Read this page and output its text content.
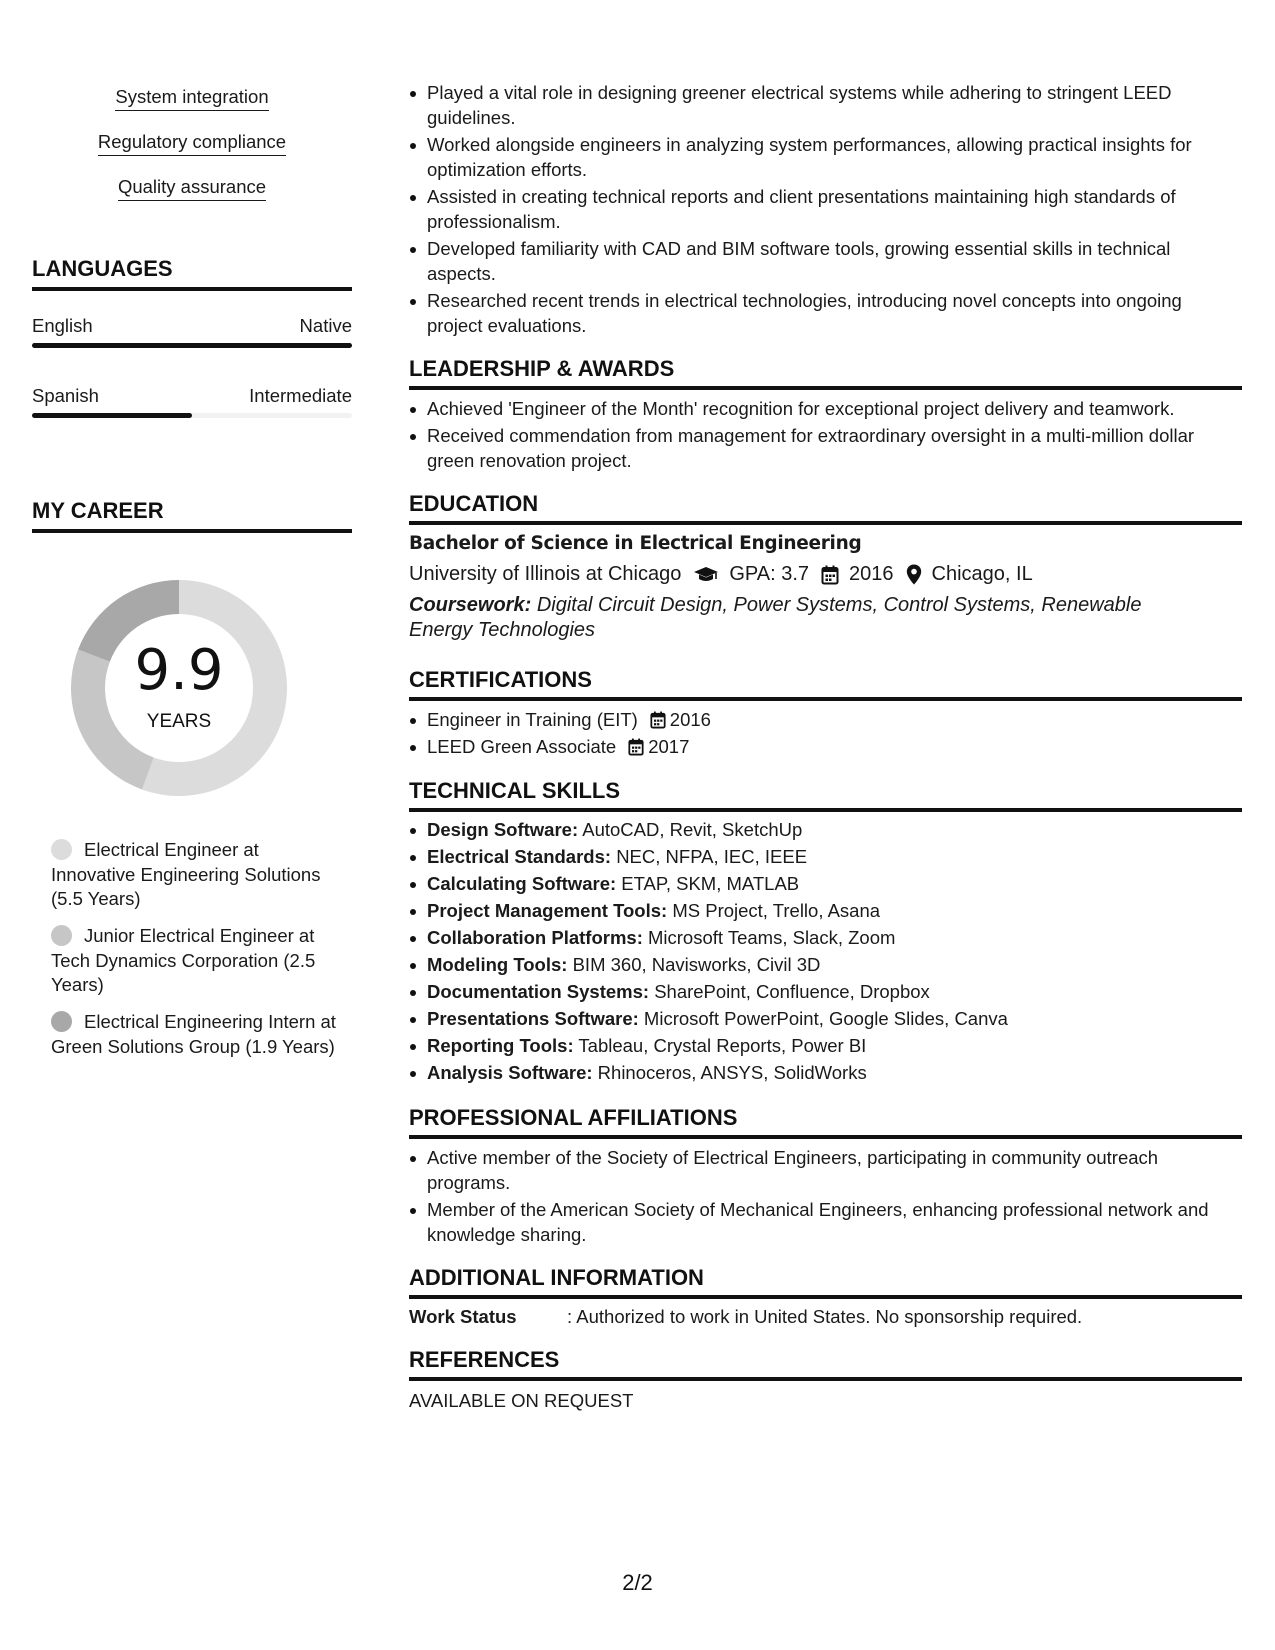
System integration
Regulatory compliance
Quality assurance
LANGUAGES
English	Native
Spanish	Intermediate
MY CAREER
9.9
YEARS
Electrical Engineer at Innovative Engineering Solutions (5.5 Years)
Junior Electrical Engineer at Tech Dynamics Corporation (2.5 Years)
Electrical Engineering Intern at Green Solutions Group (1.9 Years)
Played a vital role in designing greener electrical systems while adhering to stringent LEED guidelines.
Worked alongside engineers in analyzing system performances, allowing practical insights for optimization efforts.
Assisted in creating technical reports and client presentations maintaining high standards of professionalism.
Developed familiarity with CAD and BIM software tools, growing essential skills in technical aspects.
Researched recent trends in electrical technologies, introducing novel concepts into ongoing project evaluations.
LEADERSHIP & AWARDS
Achieved 'Engineer of the Month' recognition for exceptional project delivery and teamwork.
Received commendation from management for extraordinary oversight in a multi-million dollar green renovation project.
EDUCATION
Bachelor of Science in Electrical Engineering
University of Illinois at Chicago GPA: 3.7 2016 Chicago, IL
Coursework: Digital Circuit Design, Power Systems, Control Systems, Renewable Energy Technologies
CERTIFICATIONS
Engineer in Training (EIT) 2016
LEED Green Associate 2017
TECHNICAL SKILLS
Design Software: AutoCAD, Revit, SketchUp
Electrical Standards: NEC, NFPA, IEC, IEEE
Calculating Software: ETAP, SKM, MATLAB
Project Management Tools: MS Project, Trello, Asana
Collaboration Platforms: Microsoft Teams, Slack, Zoom
Modeling Tools: BIM 360, Navisworks, Civil 3D
Documentation Systems: SharePoint, Confluence, Dropbox
Presentations Software: Microsoft PowerPoint, Google Slides, Canva
Reporting Tools: Tableau, Crystal Reports, Power BI
Analysis Software: Rhinoceros, ANSYS, SolidWorks
PROFESSIONAL AFFILIATIONS
Active member of the Society of Electrical Engineers, participating in community outreach programs.
Member of the American Society of Mechanical Engineers, enhancing professional network and knowledge sharing.
ADDITIONAL INFORMATION
Work Status	: Authorized to work in United States. No sponsorship required.
REFERENCES
AVAILABLE ON REQUEST
2/2
